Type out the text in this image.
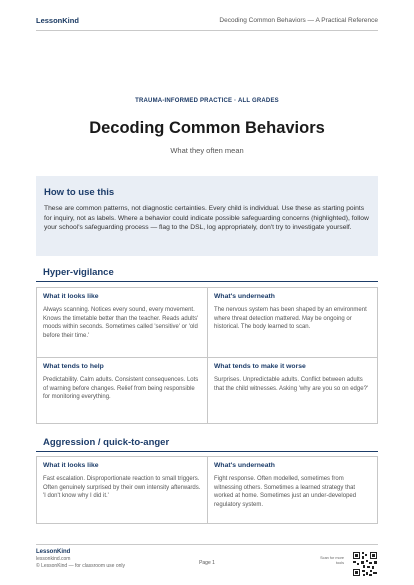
LessonKind	Decoding Common Behaviors — A Practical Reference
TRAUMA-INFORMED PRACTICE · ALL GRADES
Decoding Common Behaviors
What they often mean
How to use this
These are common patterns, not diagnostic certainties. Every child is individual. Use these as starting points for inquiry, not as labels. Where a behavior could indicate possible safeguarding concerns (highlighted), follow your school's safeguarding process — flag to the DSL, log appropriately, don't try to investigate yourself.
Hyper-vigilance
What it looks like
Always scanning. Notices every sound, every movement. Knows the timetable better than the teacher. Reads adults' moods within seconds. Sometimes called 'sensitive' or 'old before their time.'
What's underneath
The nervous system has been shaped by an environment where threat detection mattered. May be ongoing or historical. The body learned to scan.
What tends to help
Predictability. Calm adults. Consistent consequences. Lots of warning before changes. Relief from being responsible for monitoring everything.
What tends to make it worse
Surprises. Unpredictable adults. Conflict between adults that the child witnesses. Asking 'why are you so on edge?'
Aggression / quick-to-anger
What it looks like
Fast escalation. Disproportionate reaction to small triggers. Often genuinely surprised by their own intensity afterwards. 'I don't know why I did it.'
What's underneath
Fight response. Often modelled, sometimes from witnessing others. Sometimes a learned strategy that worked at home. Sometimes just an under-developed regulatory system.
LessonKind
lessonkind.com
© LessonKind — for classroom use only	Page 1
Scan for more tools
